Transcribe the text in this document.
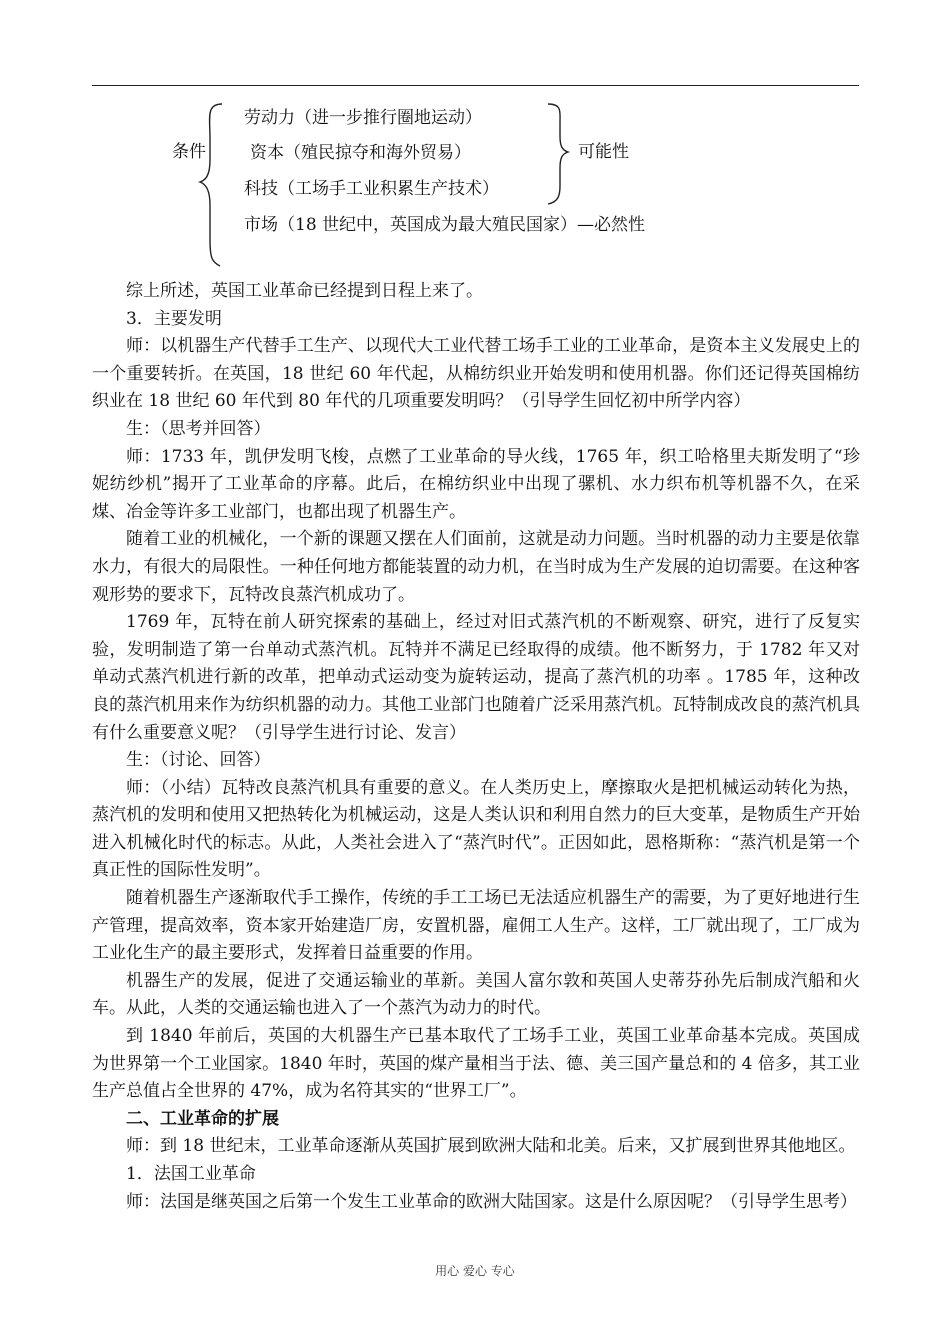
条件
劳动力（进一步推行圈地运动）
资本（殖民掠夺和海外贸易）
科技（工场手工业积累生产技术）
市场（18 世纪中，英国成为最大殖民国家）—必然性
可能性

综上所述，英国工业革命已经提到日程上来了。

3．主要发明

师：以机器生产代替手工生产、以现代大工业代替工场手工业的工业革命，是资本主义发展史上的一个重要转折。在英国，18 世纪 60 年代起，从棉纺织业开始发明和使用机器。你们还记得英国棉纺织业在 18 世纪 60 年代到 80 年代的几项重要发明吗？（引导学生回忆初中所学内容）

生：（思考并回答）

师：1733 年，凯伊发明飞梭，点燃了工业革命的导火线，1765 年，织工哈格里夫斯发明了“珍妮纺纱机”揭开了工业革命的序幕。此后，在棉纺织业中出现了骡机、水力织布机等机器不久，在采煤、冶金等许多工业部门，也都出现了机器生产。

随着工业的机械化，一个新的课题又摆在人们面前，这就是动力问题。当时机器的动力主要是依靠水力，有很大的局限性。一种任何地方都能装置的动力机，在当时成为生产发展的迫切需要。在这种客观形势的要求下，瓦特改良蒸汽机成功了。

1769 年，瓦特在前人研究探索的基础上，经过对旧式蒸汽机的不断观察、研究，进行了反复实验，发明制造了第一台单动式蒸汽机。瓦特并不满足已经取得的成绩。他不断努力，于 1782 年又对单动式蒸汽机进行新的改革，把单动式运动变为旋转运动，提高了蒸汽机的功率 。1785 年，这种改良的蒸汽机用来作为纺织机器的动力。其他工业部门也随着广泛采用蒸汽机。瓦特制成改良的蒸汽机具有什么重要意义呢？（引导学生进行讨论、发言）

生：（讨论、回答）

师：（小结）瓦特改良蒸汽机具有重要的意义。在人类历史上，摩擦取火是把机械运动转化为热，蒸汽机的发明和使用又把热转化为机械运动，这是人类认识和利用自然力的巨大变革，是物质生产开始进入机械化时代的标志。从此，人类社会进入了“蒸汽时代”。正因如此，恩格斯称：“蒸汽机是第一个真正性的国际性发明”。

随着机器生产逐渐取代手工操作，传统的手工工场已无法适应机器生产的需要，为了更好地进行生产管理，提高效率，资本家开始建造厂房，安置机器，雇佣工人生产。这样，工厂就出现了，工厂成为工业化生产的最主要形式，发挥着日益重要的作用。

机器生产的发展，促进了交通运输业的革新。美国人富尔敦和英国人史蒂芬孙先后制成汽船和火车。从此，人类的交通运输也进入了一个蒸汽为动力的时代。

到 1840 年前后，英国的大机器生产已基本取代了工场手工业，英国工业革命基本完成。英国成为世界第一个工业国家。1840 年时，英国的煤产量相当于法、德、美三国产量总和的 4 倍多，其工业生产总值占全世界的 47%，成为名符其实的“世界工厂”。

二、工业革命的扩展

师：到 18 世纪末，工业革命逐渐从英国扩展到欧洲大陆和北美。后来，又扩展到世界其他地区。

1．法国工业革命

师：法国是继英国之后第一个发生工业革命的欧洲大陆国家。这是什么原因呢？（引导学生思考）

用心 爱心 专心
